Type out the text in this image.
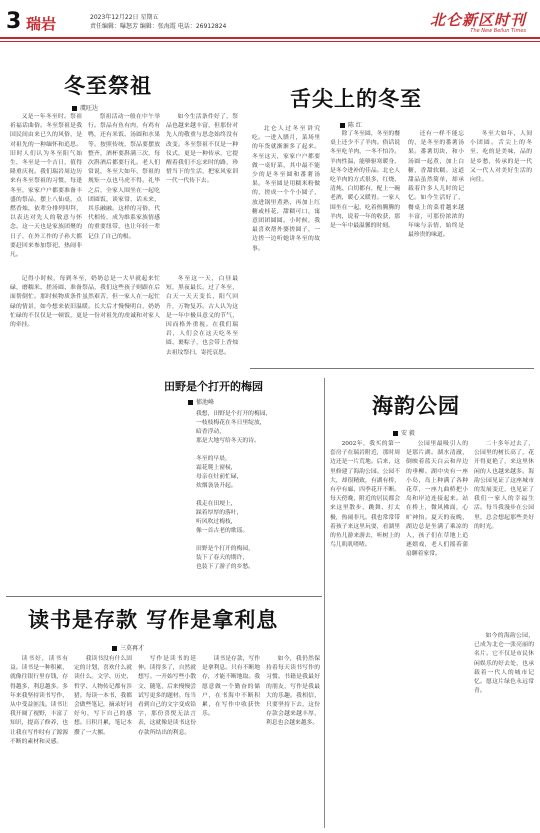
3 瑞岩	2023年12月22日 星期五
责任编辑：曝怒芳 编辑：张海霞 电话：26912824	北仑新区时刊
The New Beilun Times
冬至祭祖
虞旺达

又是一年冬至时。祭祖祈福话曲俗。冬至祭祖是我国民间由来已久的风俗，是对祖先的一种缅怀和追思。旧时人们认为冬至阳气始生，冬至是一个吉日，值得隆重庆祝。我们瑞岩周边历来有冬至祭祖的习惯，每逢冬至，家家户户都要准备丰盛的祭品，摆上八仙桌，点燃香烛，依辈分排列叩拜，以表达对先人的敬意与怀念。这一天也是家族团聚的日子，在外工作的子孙大都要赶回来参加祭祀，热闹非凡。

祭祖活动一般在中午举行。祭品有鱼有肉，有鸡有鸭，还有米饭、汤圆和水果等。按照传统，祭品要摆放整齐，酒杯要斟满三次，每次斟酒后都要行礼。老人们常说，冬至大如年，祭祖的规矩一点也马虎不得。礼毕之后，全家人围坐在一起吃团圆饭，谈家常，话未来，其乐融融。这样的习俗，代代相传，成为维系家族情感的重要纽带，也让年轻一辈记住了自己的根。

如今生活条件好了，祭品也越来越丰富，但那份对先人的敬重与思念始终没有改变。冬至祭祖不仅是一种仪式，更是一种传承，它提醒着我们不忘来时的路，珍惜当下的生活，把家风家训一代一代传下去。

记得小时候，每到冬至，奶奶总是一大早就起来忙碌，磨糯米、搓汤圆、准备祭品，我们这些孩子则跟在后面帮倒忙。那时候物质条件虽然艰苦，但一家人在一起忙碌的情景，如今想来依旧温暖。长大后才慢慢明白，奶奶忙碌的不仅仅是一顿饭，更是一份对祖先的虔诚和对家人的牵挂。

冬至这一天，白昼最短，黑夜最长。过了冬至，白天一天天变长，阳气回升，万物复苏。古人认为这是一年中极具意义的节气，因而格外重视。在我们瑞岩，人们会在这天吃冬至圆、裹粽子，也会带上香烛去祖坟祭扫，寄托哀思。

舌尖上的冬至
陈 红

北仑人过冬至讲究吃。一进入腊月，菜场里的年货就渐渐多了起来。冬至这天，家家户户都要做一桌好菜，其中最不能少的是冬至圆和番薯汤果。冬至圆是用糯米粉做的，搓成一个个小圆子，放进锅里煮熟，再加上红糖或桂花，甜糯可口，寓意团团圆圆。小时候，我最喜欢帮外婆搓圆子，一边搓一边听她讲冬至的故事。

除了冬至圆，冬至的餐桌上还少不了羊肉。俗话说冬至吃羊肉，一冬不怕冷。羊肉性温，能够驱寒暖身，是冬令进补的佳品。北仑人吃羊肉的方式很多，红烧、清炖、白切都有，配上一碗老酒，暖心又暖胃。一家人围坐在一起，吃着热腾腾的羊肉，说着一年的收获，那是一年中最温馨的时刻。

还有一样不能忘的，是冬至的番薯汤果。番薯切块，和小汤圆一起煮，加上白糖，香甜软糯。这道甜品虽然简单，却承载着许多人儿时的记忆。如今生活好了，餐桌上的菜肴越来越丰富，可那份浓浓的年味与亲情，始终是最珍贵的味道。

冬至大如年，人间小团圆。舌尖上的冬至，吃的是美味，品的是乡愁，传承的是一代又一代人对美好生活的向往。

田野是个打开的梅园
郁池峰
我想，田野是个打开的梅园，
一枝枝梅花在冬日里绽放，
暗香浮动，
那是大地写给冬天的诗。

冬至的早晨，
霜花爬上窗棂，
母亲在灶前忙碌，
炊烟袅袅升起。

我走在田埂上，
踩着厚厚的落叶，
听风吹过梅枝，
像一首古老的歌谣。

田野是个打开的梅园，
装下了春天的期许，
也装下了游子的乡愁。
海韵公园
安 毅

2002年，我买的第一套房子在瑞岩附近，那时周边还是一片荒地。后来，这里修建了海韵公园。公园不大，却很精致，有湖有桥，有亭有廊，四季花开不断。每天傍晚，附近的居民都会来这里散步、跳舞、打太极，热闹非凡。我也常常带着孩子来这里玩耍，看湖里的鱼儿游来游去，听树上的鸟儿叽叽喳喳。

公园里最吸引人的是那片湖。湖水清澈，倒映着蓝天白云和岸边的垂柳。湖中央有一座小岛，岛上种满了各种花草，一座九曲桥把小岛和岸边连接起来。站在桥上，微风拂面，心旷神怡。夏天的夜晚，湖边总是坐满了乘凉的人，孩子们在草地上追逐嬉戏，老人们摇着蒲扇聊着家常。

二十多年过去了，公园里的树长高了，花开得更艳了，来这里休闲的人也越来越多。海韵公园见证了这座城市的发展变迁，也见证了我们一家人的幸福生活。每当我漫步在公园里，总会想起那些美好的时光。

如今的海韵公园，已成为北仑一张亮丽的名片。它不仅是市民休闲娱乐的好去处，也承载着一代人的城市记忆。愿这片绿色永远常青。

读书是存款 写作是拿利息
三莫再才

读书好，读书有益。读书是一种积累，就像往银行里存钱，存得越多，利息越多。多年来我坚持读书写作，从中受益匪浅。读书让我开阔了视野，丰富了知识，提高了修养，也让我在写作时有了源源不断的素材和灵感。

我读书没有什么固定的计划，喜欢什么就读什么。文学、历史、哲学、人物传记都有涉猎。每读一本书，我都会做些笔记，摘录好词好句，写下自己的感想。日积月累，笔记本攒了一大摞。

写作是读书的延伸。读得多了，自然就想写。一开始写些小散文、随笔，后来慢慢尝试写更多的题材。每当看到自己的文字变成铅字，那份喜悦无法言表，这就像是读书这份存款所结出的利息。

读书是存款，写作是拿利息。只有不断地存，才能不断地取。我愿意做一个勤奋的储户，在书海中不断积累，在写作中收获快乐。

如今，我仍然保持着每天读书写作的习惯。书籍是我最好的朋友，写作是我最大的乐趣。我相信，只要坚持下去，这份存款会越来越丰厚，利息也会越来越多。
